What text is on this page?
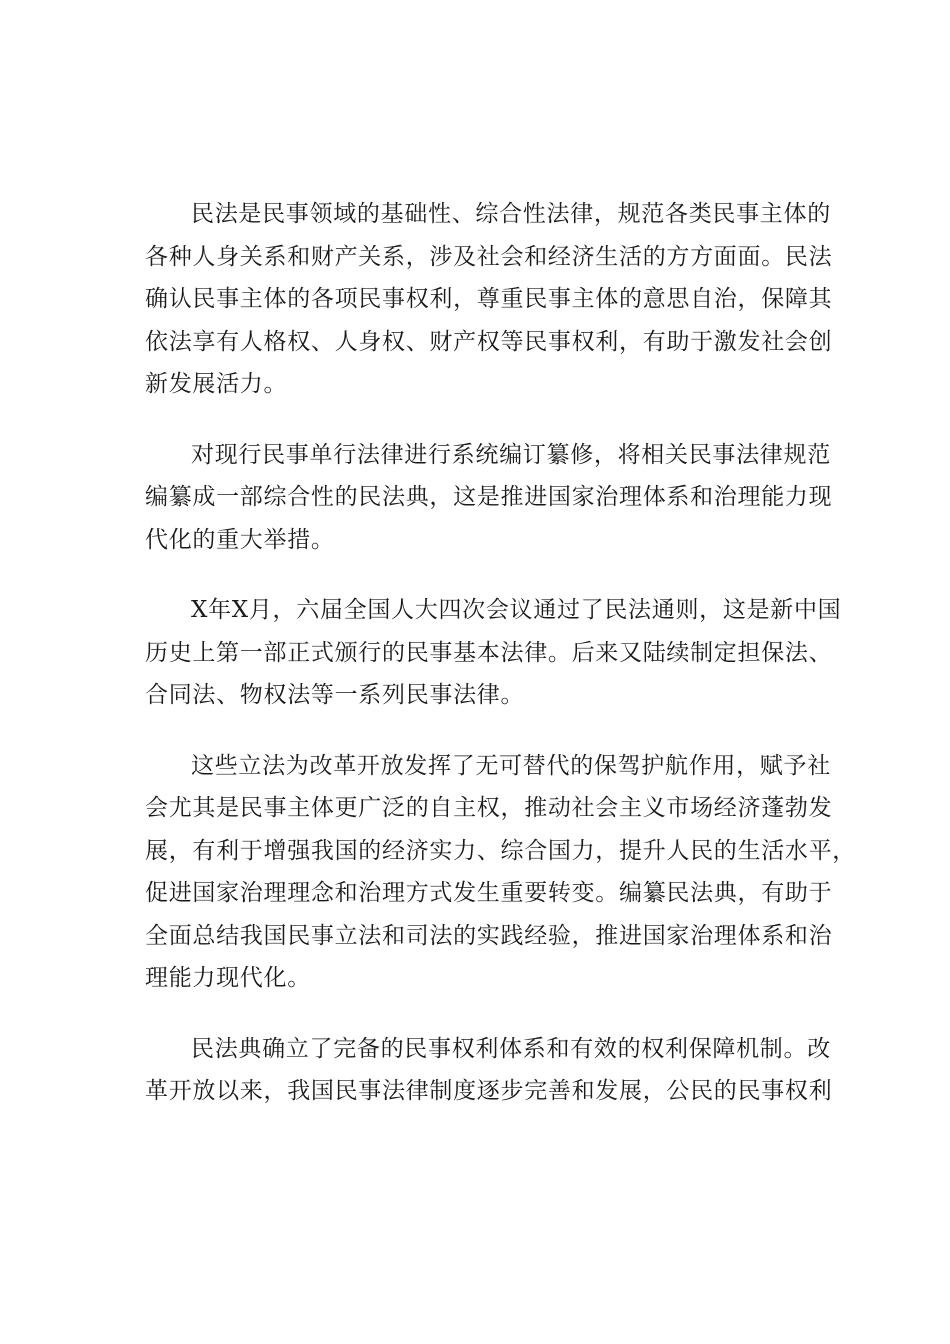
民法是民事领域的基础性、综合性法律，规范各类民事主体的
各种人身关系和财产关系，涉及社会和经济生活的方方面面。民法
确认民事主体的各项民事权利，尊重民事主体的意思自治，保障其
依法享有人格权、人身权、财产权等民事权利，有助于激发社会创
新发展活力。

对现行民事单行法律进行系统编订纂修，将相关民事法律规范
编纂成一部综合性的民法典，这是推进国家治理体系和治理能力现
代化的重大举措。

X年X月，六届全国人大四次会议通过了民法通则，这是新中国
历史上第一部正式颁行的民事基本法律。后来又陆续制定担保法、
合同法、物权法等一系列民事法律。

这些立法为改革开放发挥了无可替代的保驾护航作用，赋予社
会尤其是民事主体更广泛的自主权，推动社会主义市场经济蓬勃发
展，有利于增强我国的经济实力、综合国力，提升人民的生活水平，
促进国家治理理念和治理方式发生重要转变。编纂民法典，有助于
全面总结我国民事立法和司法的实践经验，推进国家治理体系和治
理能力现代化。

民法典确立了完备的民事权利体系和有效的权利保障机制。改
革开放以来，我国民事法律制度逐步完善和发展，公民的民事权利
